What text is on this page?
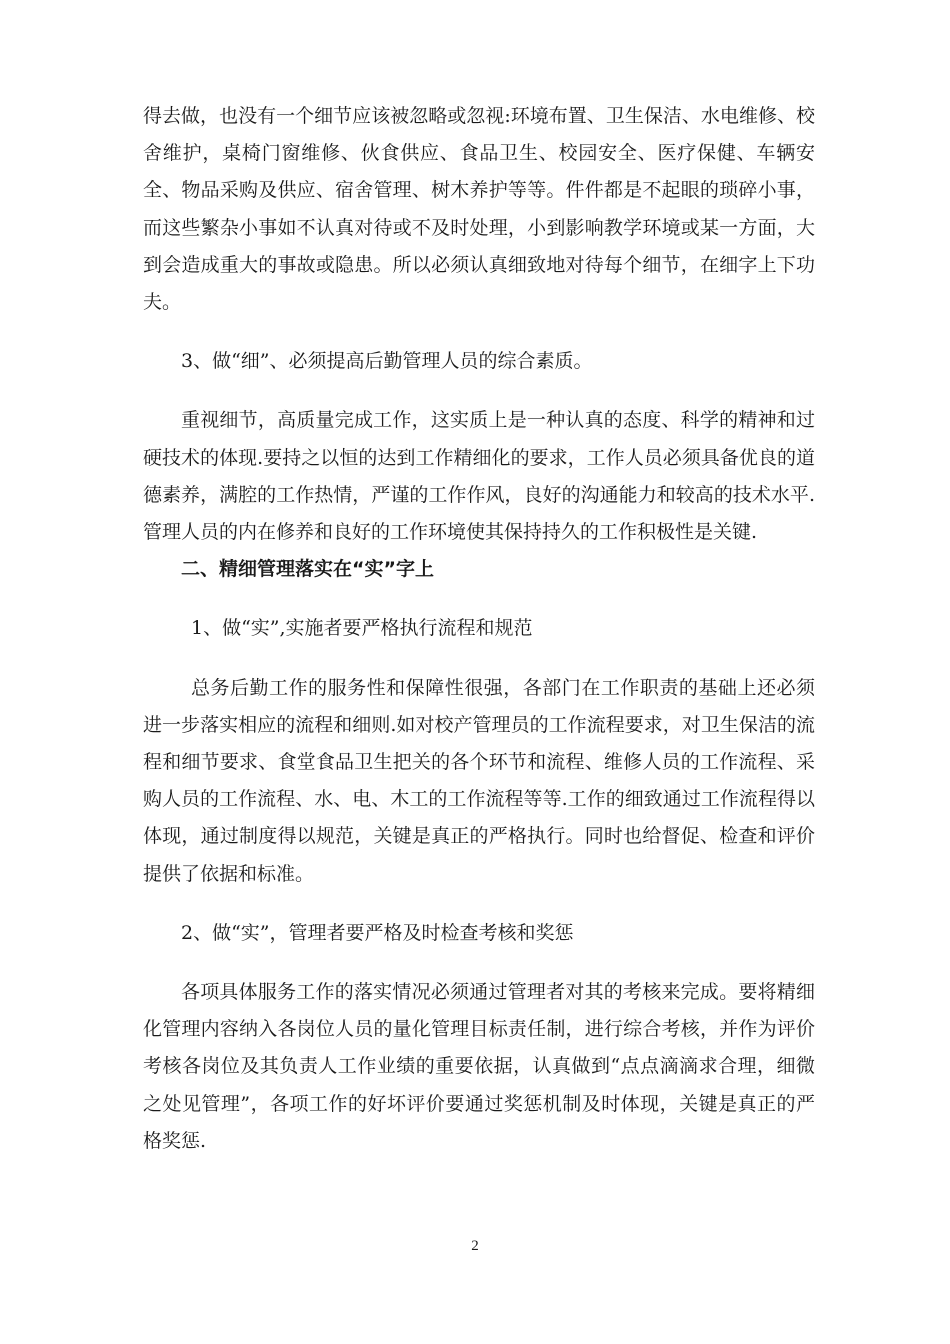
得去做，也没有一个细节应该被忽略或忽视:环境布置、卫生保洁、水电维修、校舍维护，桌椅门窗维修、伙食供应、食品卫生、校园安全、医疗保健、车辆安全、物品采购及供应、宿舍管理、树木养护等等。件件都是不起眼的琐碎小事，而这些繁杂小事如不认真对待或不及时处理，小到影响教学环境或某一方面，大到会造成重大的事故或隐患。所以必须认真细致地对待每个细节，在细字上下功夫。

3、做“细”、必须提高后勤管理人员的综合素质。

重视细节，高质量完成工作，这实质上是一种认真的态度、科学的精神和过硬技术的体现.要持之以恒的达到工作精细化的要求，工作人员必须具备优良的道德素养，满腔的工作热情，严谨的工作作风，良好的沟通能力和较高的技术水平.管理人员的内在修养和良好的工作环境使其保持持久的工作积极性是关键.

二、精细管理落实在“实”字上

1、做“实”,实施者要严格执行流程和规范

总务后勤工作的服务性和保障性很强，各部门在工作职责的基础上还必须进一步落实相应的流程和细则.如对校产管理员的工作流程要求，对卫生保洁的流程和细节要求、食堂食品卫生把关的各个环节和流程、维修人员的工作流程、采购人员的工作流程、水、电、木工的工作流程等等.工作的细致通过工作流程得以体现，通过制度得以规范，关键是真正的严格执行。同时也给督促、检查和评价提供了依据和标准。

2、做“实”，管理者要严格及时检查考核和奖惩

各项具体服务工作的落实情况必须通过管理者对其的考核来完成。要将精细化管理内容纳入各岗位人员的量化管理目标责任制，进行综合考核，并作为评价考核各岗位及其负责人工作业绩的重要依据，认真做到“点点滴滴求合理，细微之处见管理”，各项工作的好坏评价要通过奖惩机制及时体现，关键是真正的严格奖惩.

2
